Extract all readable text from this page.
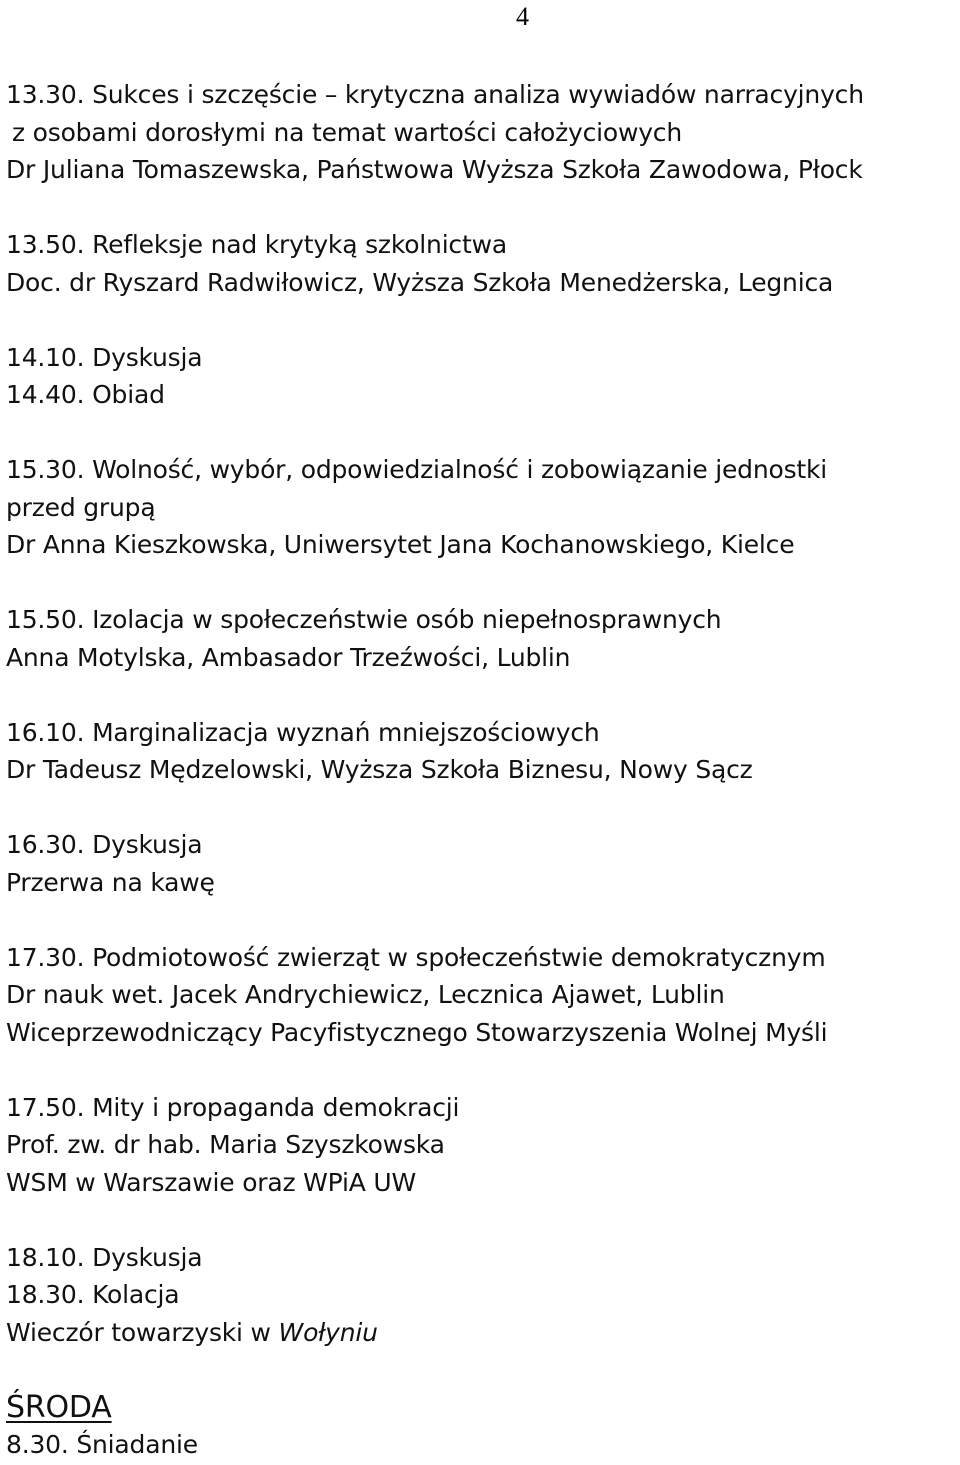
4
13.30. Sukces i szczęście – krytyczna analiza wywiadów narracyjnych
z osobami dorosłymi na temat wartości całożyciowych
Dr Juliana Tomaszewska, Państwowa Wyższa Szkoła Zawodowa, Płock
13.50. Refleksje nad krytyką szkolnictwa
Doc. dr Ryszard Radwiłowicz, Wyższa Szkoła Menedżerska, Legnica
14.10. Dyskusja
14.40. Obiad
15.30. Wolność, wybór, odpowiedzialność i zobowiązanie jednostki
przed grupą
Dr Anna Kieszkowska, Uniwersytet Jana Kochanowskiego, Kielce
15.50. Izolacja w społeczeństwie osób niepełnosprawnych
Anna Motylska, Ambasador Trzeźwości, Lublin
16.10. Marginalizacja wyznań mniejszościowych
Dr Tadeusz Mędzelowski, Wyższa Szkoła Biznesu, Nowy Sącz
16.30. Dyskusja
Przerwa na kawę
17.30. Podmiotowość zwierząt w społeczeństwie demokratycznym
Dr nauk wet. Jacek Andrychiewicz, Lecznica Ajawet, Lublin
Wiceprzewodniczący Pacyfistycznego Stowarzyszenia Wolnej Myśli
17.50. Mity i propaganda demokracji
Prof. zw. dr hab. Maria Szyszkowska
WSM w Warszawie oraz WPiA UW
18.10. Dyskusja
18.30. Kolacja
Wieczór towarzyski w Wołyniu
ŚRODA
8.30. Śniadanie
